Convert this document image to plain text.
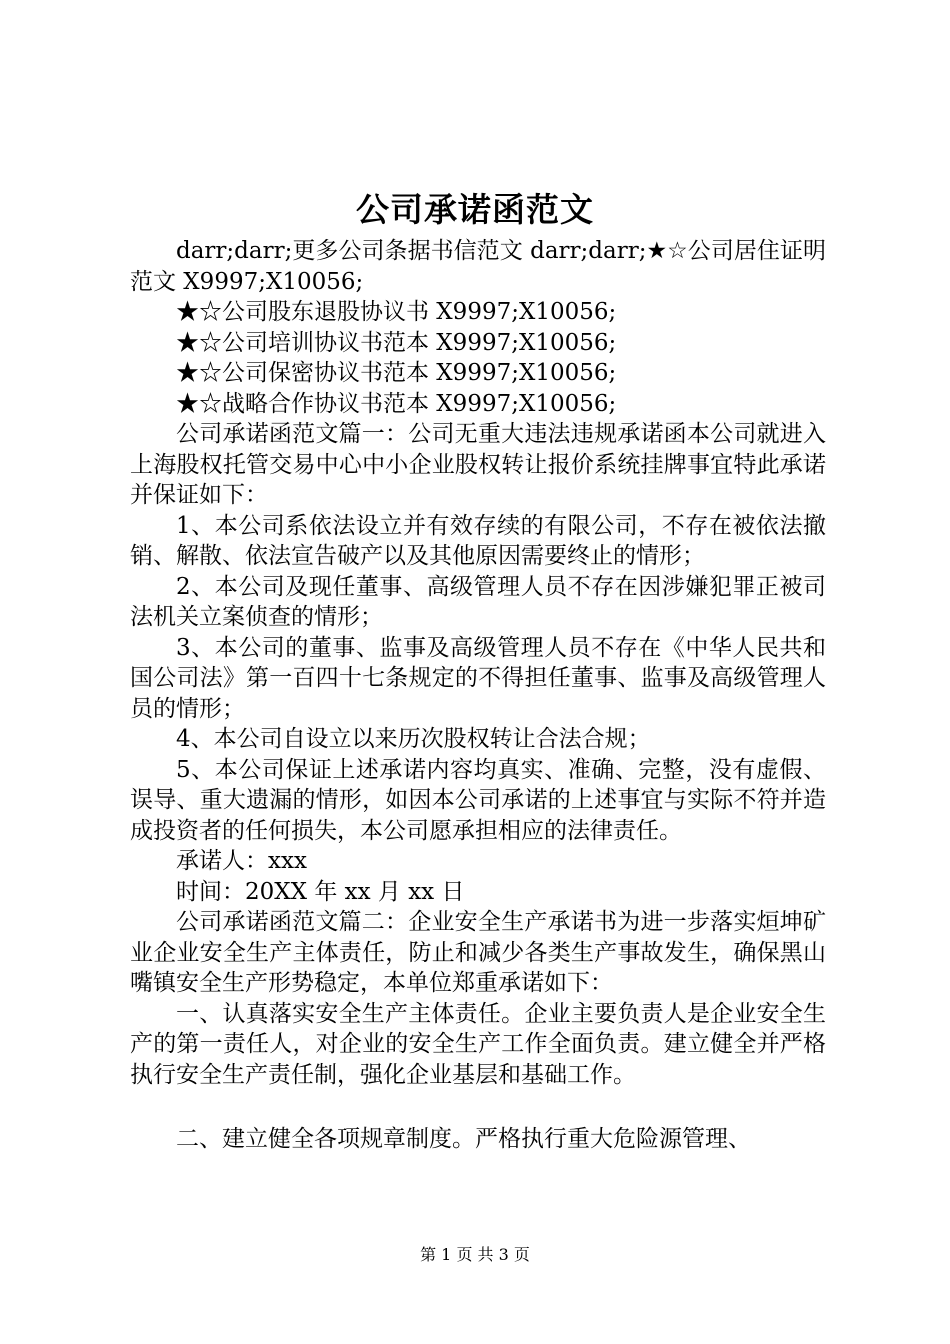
公司承诺函范文

darr;darr;更多公司条据书信范文 darr;darr;★☆公司居住证明范文 X9997;X10056;

★☆公司股东退股协议书 X9997;X10056;

★☆公司培训协议书范本 X9997;X10056;

★☆公司保密协议书范本 X9997;X10056;

★☆战略合作协议书范本 X9997;X10056;

公司承诺函范文篇一：公司无重大违法违规承诺函本公司就进入上海股权托管交易中心中小企业股权转让报价系统挂牌事宜特此承诺并保证如下：

1、本公司系依法设立并有效存续的有限公司，不存在被依法撤销、解散、依法宣告破产以及其他原因需要终止的情形；

2、本公司及现任董事、高级管理人员不存在因涉嫌犯罪正被司法机关立案侦查的情形；

3、本公司的董事、监事及高级管理人员不存在《中华人民共和国公司法》第一百四十七条规定的不得担任董事、监事及高级管理人员的情形；

4、本公司自设立以来历次股权转让合法合规；

5、本公司保证上述承诺内容均真实、准确、完整，没有虚假、误导、重大遗漏的情形，如因本公司承诺的上述事宜与实际不符并造成投资者的任何损失，本公司愿承担相应的法律责任。

承诺人：xxx

时间：20XX 年 xx 月 xx 日

公司承诺函范文篇二：企业安全生产承诺书为进一步落实烜坤矿业企业安全生产主体责任，防止和减少各类生产事故发生，确保黑山嘴镇安全生产形势稳定，本单位郑重承诺如下：

一、认真落实安全生产主体责任。企业主要负责人是企业安全生产的第一责任人，对企业的安全生产工作全面负责。建立健全并严格执行安全生产责任制，强化企业基层和基础工作。

二、建立健全各项规章制度。严格执行重大危险源管理、

第 1 页 共 3 页
